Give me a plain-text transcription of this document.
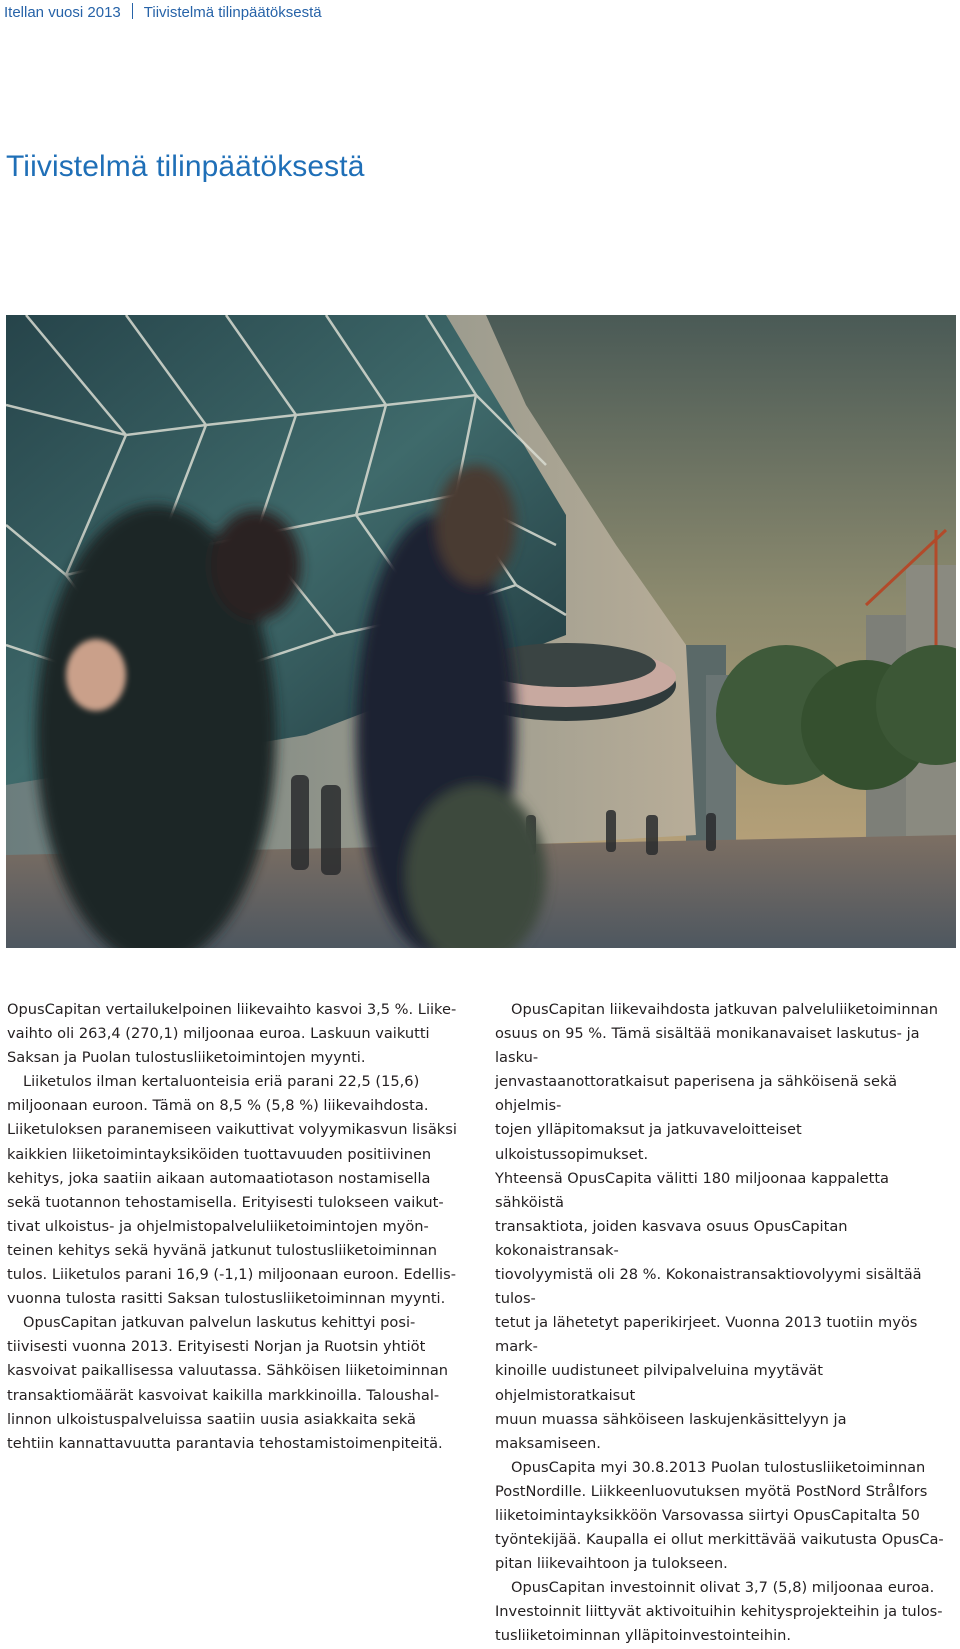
Itellan vuosi 2013 Tiivistelmä tilinpäätöksestä
Tiivistelmä tilinpäätöksestä

OpusCapitan vertailukelpoinen liikevaihto kasvoi 3,5 %. Liike-

vaihto oli 263,4 (270,1) miljoonaa euroa. Laskuun vaikutti

Saksan ja Puolan tulostusliiketoimintojen myynti.

Liiketulos ilman kertaluonteisia eriä parani 22,5 (15,6)

miljoonaan euroon. Tämä on 8,5 % (5,8 %) liikevaihdosta.

Liiketuloksen paranemiseen vaikuttivat volyymikasvun lisäksi

kaikkien liiketoimintayksiköiden tuottavuuden positiivinen

kehitys, joka saatiin aikaan automaatiotason nostamisella

sekä tuotannon tehostamisella. Erityisesti tulokseen vaikut-

tivat ulkoistus- ja ohjelmistopalveluliiketoimintojen myön-

teinen kehitys sekä hyvänä jatkunut tulostusliiketoiminnan

tulos. Liiketulos parani 16,9 (-1,1) miljoonaan euroon. Edellis-

vuonna tulosta rasitti Saksan tulostusliiketoiminnan myynti.

OpusCapitan jatkuvan palvelun laskutus kehittyi posi-

tiivisesti vuonna 2013. Erityisesti Norjan ja Ruotsin yhtiöt

kasvoivat paikallisessa valuutassa. Sähköisen liiketoiminnan

transaktiomäärät kasvoivat kaikilla markkinoilla. Taloushal-

linnon ulkoistuspalveluissa saatiin uusia asiakkaita sekä

tehtiin kannattavuutta parantavia tehostamistoimenpiteitä.

OpusCapitan liikevaihdosta jatkuvan palveluliiketoiminnan

osuus on 95 %. Tämä sisältää monikanavaiset laskutus- ja lasku-

jenvastaanottoratkaisut paperisena ja sähköisenä sekä ohjelmis-

tojen ylläpitomaksut ja jatkuvaveloitteiset ulkoistussopimukset.

Yhteensä OpusCapita välitti 180 miljoonaa kappaletta sähköistä

transaktiota, joiden kasvava osuus OpusCapitan kokonaistransak-

tiovolyymistä oli 28 %. Kokonaistransaktiovolyymi sisältää tulos-

tetut ja lähetetyt paperikirjeet. Vuonna 2013 tuotiin myös mark-

kinoille uudistuneet pilvipalveluina myytävät ohjelmistoratkaisut

muun muassa sähköiseen laskujenkäsittelyyn ja maksamiseen.

OpusCapita myi 30.8.2013 Puolan tulostusliiketoiminnan

PostNordille. Liikkeenluovutuksen myötä PostNord Strålfors

liiketoimintayksikköön Varsovassa siirtyi OpusCapitalta 50

työntekijää. Kaupalla ei ollut merkittävää vaikutusta OpusCa-

pitan liikevaihtoon ja tulokseen.

OpusCapitan investoinnit olivat 3,7 (5,8) miljoonaa euroa.

Investoinnit liittyvät aktivoituihin kehitysprojekteihin ja tulos-

tusliiketoiminnan ylläpitoinvestointeihin.
